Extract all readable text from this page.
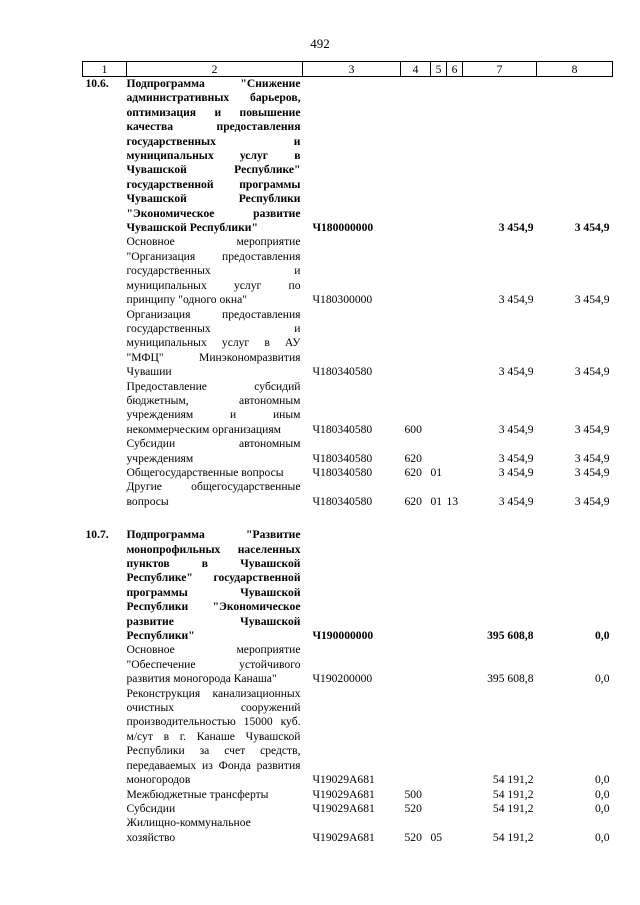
492
1	2	3	4	5	6	7	8
10.6.	Подпрограмма "Снижение административных барьеров, оптимизация и повышение качества предоставления государственных и муниципальных услуг в Чувашской Республике" государственной программы Чувашской Республики "Экономическое развитие Чувашской Республики"	Ч180000000				3 454,9	3 454,9
	Основное мероприятие "Организация предоставления государственных и муниципальных услуг по принципу "одного окна"	Ч180300000				3 454,9	3 454,9
	Организация предоставления государственных и муниципальных услуг в АУ "МФЦ" Минэкономразвития Чувашии	Ч180340580				3 454,9	3 454,9
	Предоставление субсидий бюджетным, автономным учреждениям и иным некоммерческим организациям	Ч180340580	600			3 454,9	3 454,9
	Субсидии автономным учреждениям	Ч180340580	620			3 454,9	3 454,9
	Общегосударственные вопросы	Ч180340580	620	01		3 454,9	3 454,9
	Другие общегосударственные вопросы	Ч180340580	620	01	13	3 454,9	3 454,9

10.7.	Подпрограмма "Развитие монопрофильных населенных пунктов в Чувашской Республике" государственной программы Чувашской Республики "Экономическое развитие Чувашской Республики"	Ч190000000				395 608,8	0,0
	Основное мероприятие "Обеспечение устойчивого развития моногорода Канаша"	Ч190200000				395 608,8	0,0
	Реконструкция канализационных очистных сооружений производительностью 15000 куб. м/сут в г. Канаше Чувашской Республики за счет средств, передаваемых из Фонда развития моногородов	Ч19029А681				54 191,2	0,0
	Межбюджетные трансферты	Ч19029А681	500			54 191,2	0,0
	Субсидии	Ч19029А681	520			54 191,2	0,0
	Жилищно-коммунальное хозяйство	Ч19029А681	520	05		54 191,2	0,0
